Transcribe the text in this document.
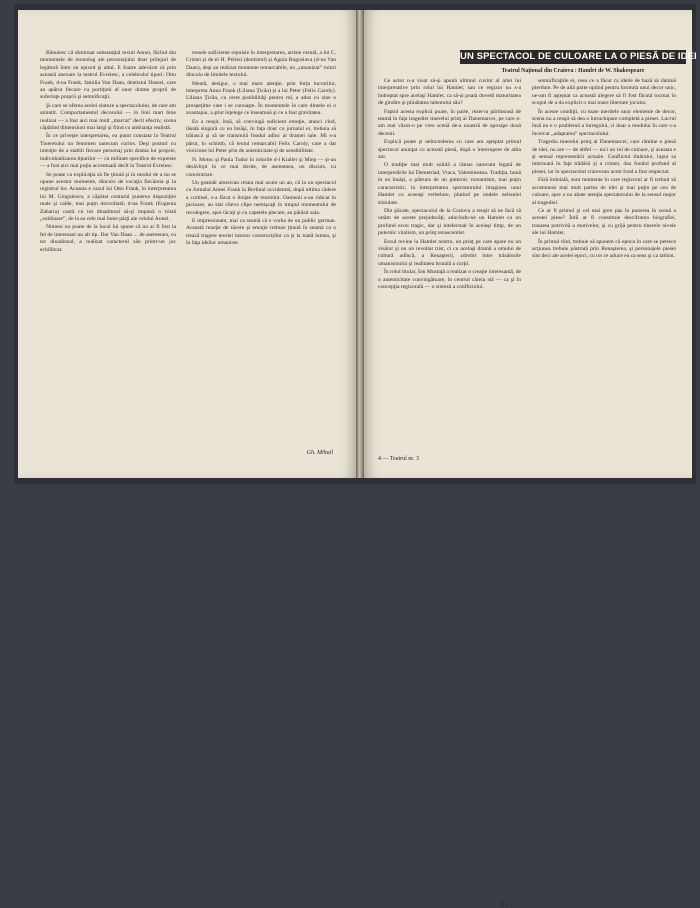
Bănuiesc că diminuat substanţial textul Annei, făcînd din momentele de monolog ale personajului doar prilejuri de legătură între un episod şi altul. E foarte adevărat că prin această anexare la teatrul Evreiesc, a celebrului tipuri: Otto Frank, d-na Frank, familia Van Daan, dentistul Dussel, care au apărut fiecare cu portiţuni al unor drame proprii de suferinţe proprii şi semnificaţii.

Şi care se oferea acelei sinteze a spectacolului, de care am amintit. Comportamentul decorului — în linii mari bine realizat — a fost aici mai mult „marcat” decît efectiv, scena căpătînd dimensiuni mai largi şi fiind cu ambianţa realistă.

În ce priveşte interpretarea, ea putut constata la Teatrul Tineretului un fenomen oarecum curios. Deşi posturi cu intenţie de a stabili fiecare personaj prin drama lui proprie, individualizarea tipurilor — cu militate specifice de expresie — a fost aici mai puţin accentuată decît la Teatrul Evreiesc.

Se poate ca explicaţia să fie ţinută şi în modul de a nu se opune acestor momente, dincolo de vocaţia fiecăreia şi la registrul lor. Aceasta e cazul lui Otto Frank, în interpretarea lui M. Gingulescu, a căpătat conturul punerea dispoziţiei reale şi calde, mai puţin dezvoltată; d-na Frank (Eugenia Zaharia) caută cu tot dinadinsul să-şi impună o tristă „sublinare”, de la ea cele mai bune părţi ale rolului Annei.

Nimeni nu poate de la locul lui spune că nu ar fi fost la fel de interesant un alt tip. Dar Van Daan ... de asemenea, cu tot dinadinsul, a realizat caracterul său printr-un joc echilibrat.

tresele suficiente repulsie în interpretarea, artiste cerută, a lui C. Cristei şi de el H. Pelissi (dentistul) şi Agnia Bogoslava (d-na Van Daan), deşi au realizat momente remarcabile, nu „umanizat” roluri dincolo de limitele textului.

Mentă, desigur, o mai mare atenţie, prin forţa lucrurilor, interpreta Anna Frank (Liliana Ţicău) şi a lui Peter (Felix Caroly). Liliana Ţicău, cu certe posibilităţi pentru rol, a adus cu sine o prospeţime care i se cunoaşte. În momentele în care dintele ei o avantajau, a ştiut înţelege ce înseamnă şi ce a fost gravitatea.

Ea a reuşit, însă, să convingă suficient emoţie, atunci cînd, lăsată singură cu ea însăşi, în faţa doar cu jurnalul ei, trebuia să trăiască şi să ne transmită fondul adînc al dramei sale. Mi s-a părut, în schimb, că textul remarcabil Felix Caroly, care a dat vioiciune lui Peter prin de autenticitate şi de sensibilitate.

N. Motoc şi Paula Tudor în rolurile d-l Kraller şi Miep — și-au desăvîrşit în ce mai dorite, de asemenea, un discurs, cu concentrare.

Un geamăt american relata mai acum un an, că la un spectacol cu Jurnalul Annei Frank la Berlinul occidental, după ultima cădere a cortinei, s-a făcut o linişte de mormînt. Oamenii s-au ridicat în picioare, au stat cîteva clipe nemişcaţi în timpul momentului de reculegere, apoi tăcuţi şi cu capetele plecate, au părăsit sala.

E impresionant, mai ca seamă că e vorba de un public german. Această reacţie de tăcere şi emoţie trebuie ţinută în seamă ca o trează tragere teoriei tuturor construcţiilor ca şi la toată lumea, şi în faţa ideilor umaniste.

Gh. Mihail
UN SPECTACOL DE CULOARE LA O PIESĂ DE IDEI
Teatrul Naţional din Craiova : Hamlet de W. Shakespeare

Ce actor n-a visat să-şi apună ultimul cuvînt al artei lui interpretative prin rolul lui Hamlet; sau ce regizor nu s-a îndreptat spre acelaşi Hamlet, ca să-şi poată dovedi maturitatea de gîndire şi plinătatea talentului său?

Faptul acesta explică poate, în parte, rezerva părtinoasă de teamă în faţa tragediei tinerelui prinţ al Danemarcei, pe care n-am mai văzut-o pe vreo scenă de-a noastră de aproape două decenii.

Explică poate şi neîncrederea cu care am aşteptat primul spectacol anunţat cu această piesă, după o întrerupere de atîta ani.

O tradiţie mai mult solidă a rămas oarecum legată de interpretările lui Demetriad, Vraca, Valentineanu. Tradiţia, bună în ea însăşi, a pătruns de un puternic romantism, mai puţin caracteristic, la interpretarea spectatorului imaginea unui Hamlet cu aceeaşi verbelure, plutind pe undele nebuniei simulate.

Din păcate, spectacolul de la Craiova a reuşit să ne facă să uităm de aceste prejudecăţi, aducîndu-ne un Hamlet cu un profund ecou tragic, dar şi intelectual în acelaşi timp, de un puternic vitalism, un prinţ renascentist.

Eroul revine la Hamlet nostru, un prinţ pe care apare nu un visător şi nu un revoltat trist, ci cu acelaşi dramă a omului de cultură adîncă, a Renaşterii, zdrobit între trăsăturile umanismului şi realitatea brutală a curţii.

În rolul titular, Ion Mustaţă a realizat o creaţie interesantă, de o autenticitate convingătoare, în centrul căreia stă — ca şi în concepţia regizorală — o sinteză a conflictului.

semnificaţiile ei, ceea ce a făcut ca ideile de bază să rămînă pierdute. Pe de altă parte optînd pentru formula unui decor unic, ne-am fi aşteptat ca această alegere să fi fost făcută tocmai în scopul de a da explicit o mai mare libertate jocului.

În aceste condiţii, cu toate meritele unor elemente de decor, scena nu a reuşit să dea o întruchipare completă a piesei. Lucrul însă nu e o problemă a întregului, ci doar a modului în care s-a încercat „adaptarea” spectacolului.

Tragedia tinerelui prinţ al Danemarcei, care rămîne o piesă de idei, nu are — de altfel — nici un rol de culoare, şi aceasta e şi sensul reprezentării actuale. Conflictul tînărului, lupta sa interioară în faţa trădării şi a crimei, dau fondul profund al piesei, iar în spectacolul craiovean acest fond a fost respectat.

Fără îndoială, sunt momente în care regizorul ar fi trebuit să accentueze mai mult partea de idei şi mai puţin pe cea de culoare, spre a nu abate atenţia spectatorului de la sensul major al tragediei.

Ce ar fi primul şi cel mai greu pas în punerea în scenă a acestei piese? Întîi ar fi constituie descifrarea biografiei, trasarea potrivită a motivelor, şi cu grijă pentru tinerele nivele ale lui Hamlet.

În primul rînd, trebuie să spunem că epoca în care se petrece acţiunea trebuie păstrată prin Renaşterea, şi personajele piesei sînt deci ale acelei epoci, cu tot ce aduce ea ca sens şi ca tablou.

4 — Teatrul nr. 3
81
